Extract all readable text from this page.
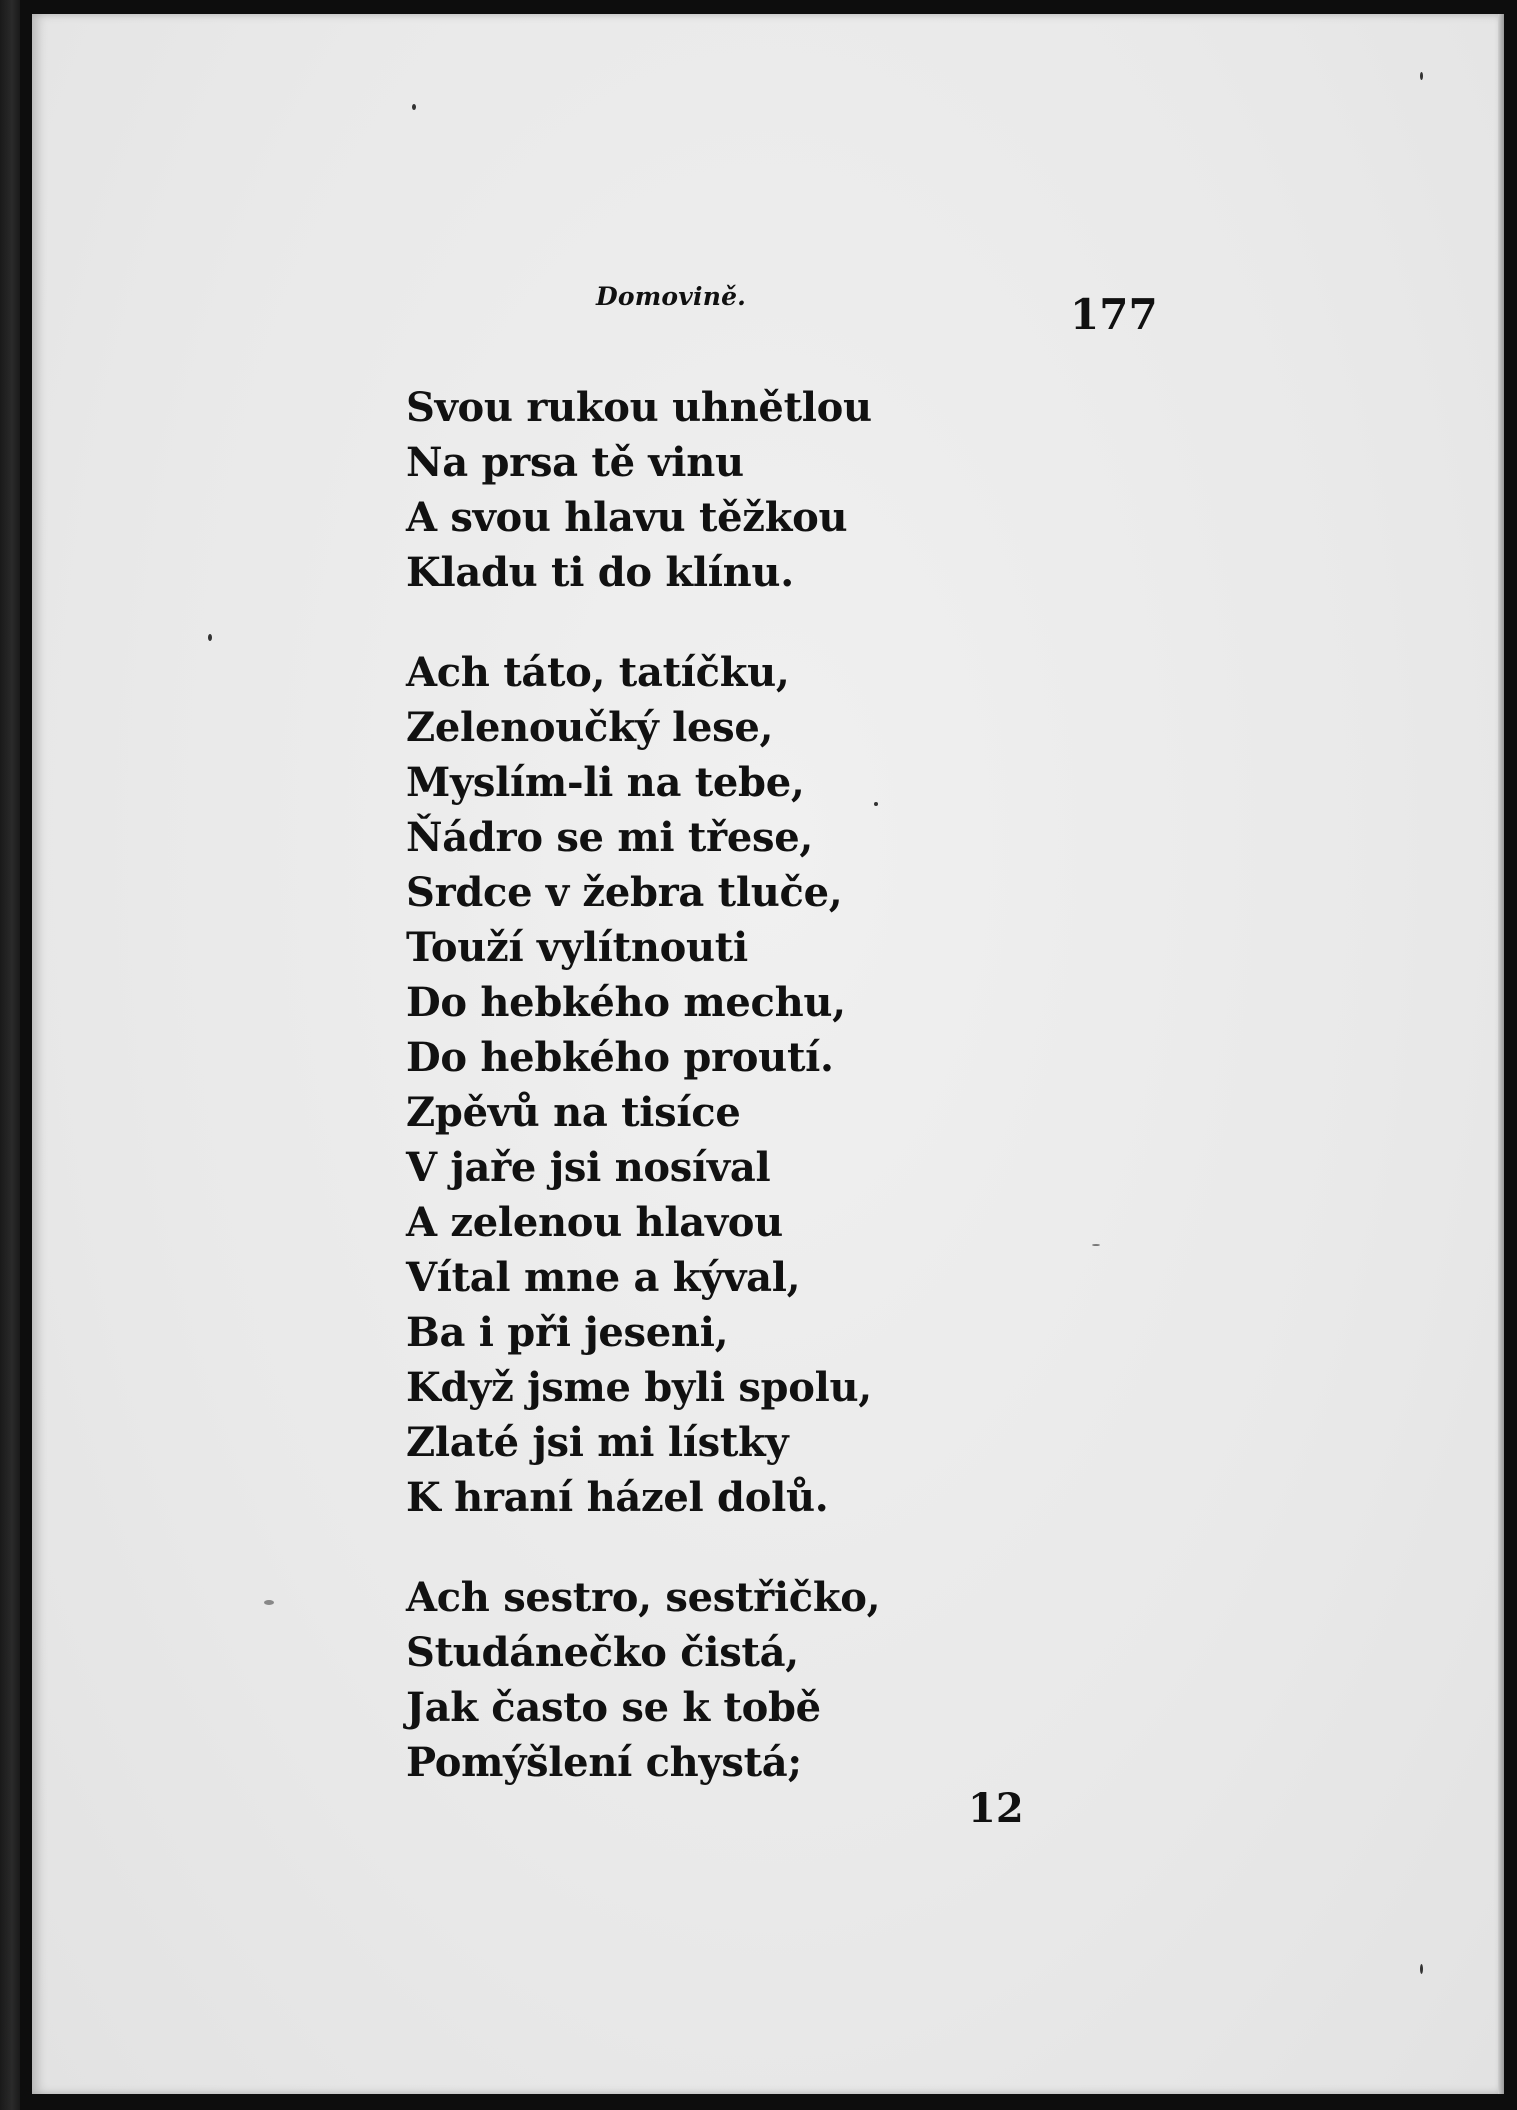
Domovině.	177
Svou rukou uhnětlou
Na prsa tě vinu
A svou hlavu těžkou
Kladu ti do klínu.
Ach táto, tatíčku,
Zelenoučký lese,
Myslím-li na tebe,
Ňádro se mi třese,
Srdce v žebra tluče,
Touží vylítnouti
Do hebkého mechu,
Do hebkého proutí.
Zpěvů na tisíce
V jaře jsi nosíval
A zelenou hlavou
Vítal mne a kýval,
Ba i při jeseni,
Když jsme byli spolu,
Zlaté jsi mi lístky
K hraní házel dolů.
Ach sestro, sestřičko,
Studánečko čistá,
Jak často se k tobě
Pomýšlení chystá;
12
